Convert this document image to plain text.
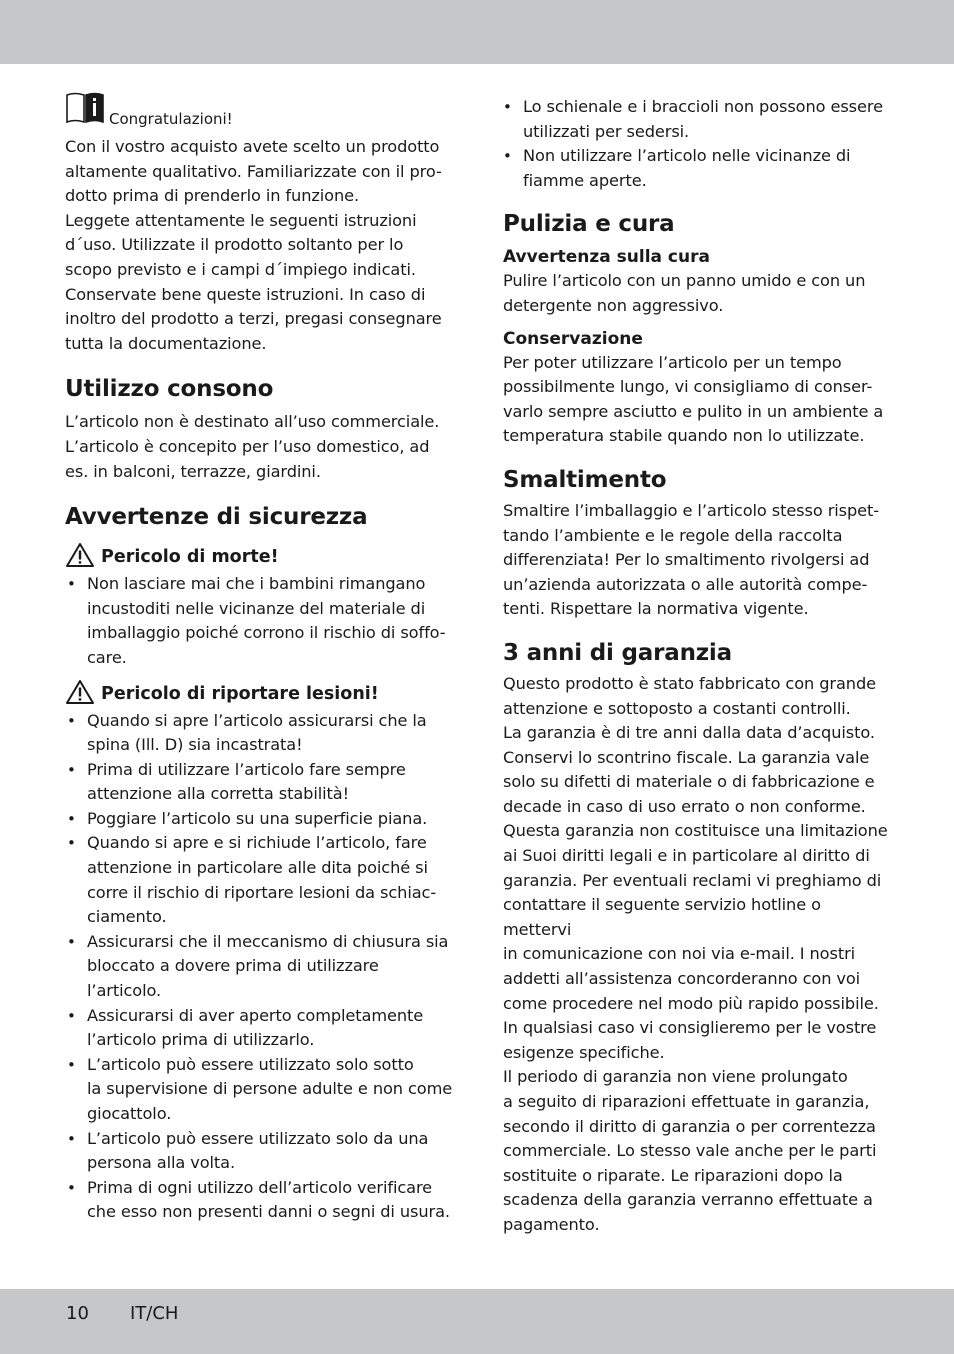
Congratulazioni!

Con il vostro acquisto avete scelto un prodotto

altamente qualitativo. Familiarizzate con il pro-

dotto prima di prenderlo in funzione.

Leggete attentamente le seguenti istruzioni

d´uso. Utilizzate il prodotto soltanto per lo

scopo previsto e i campi d´impiego indicati.

Conservate bene queste istruzioni. In caso di

inoltro del prodotto a terzi, pregasi consegnare

tutta la documentazione.

Utilizzo consono

L’articolo non è destinato all’uso commerciale.

L’articolo è concepito per l’uso domestico, ad

es. in balconi, terrazze, giardini.

Avvertenze di sicurezza
Pericolo di morte!
• Non lasciare mai che i bambini rimangano
incustoditi nelle vicinanze del materiale di
imballaggio poiché corrono il rischio di soffo-
care.
Pericolo di riportare lesioni!
• Quando si apre l’articolo assicurarsi che la
spina (Ill. D) sia incastrata!
• Prima di utilizzare l’articolo fare sempre
attenzione alla corretta stabilità!
• Poggiare l’articolo su una superficie piana.
• Quando si apre e si richiude l’articolo, fare
attenzione in particolare alle dita poiché si
corre il rischio di riportare lesioni da schiac-
ciamento.
• Assicurarsi che il meccanismo di chiusura sia
bloccato a dovere prima di utilizzare
l’articolo.
• Assicurarsi di aver aperto completamente
l’articolo prima di utilizzarlo.
• L’articolo può essere utilizzato solo sotto
la supervisione di persone adulte e non come
giocattolo.
• L’articolo può essere utilizzato solo da una
persona alla volta.
• Prima di ogni utilizzo dell’articolo verificare
che esso non presenti danni o segni di usura.
• Lo schienale e i braccioli non possono essere
utilizzati per sedersi.
• Non utilizzare l’articolo nelle vicinanze di
fiamme aperte.
Pulizia e cura
Avvertenza sulla cura

Pulire l’articolo con un panno umido e con un

detergente non aggressivo.

Conservazione

Per poter utilizzare l’articolo per un tempo

possibilmente lungo, vi consigliamo di conser-

varlo sempre asciutto e pulito in un ambiente a

temperatura stabile quando non lo utilizzate.

Smaltimento

Smaltire l’imballaggio e l’articolo stesso rispet-

tando l’ambiente e le regole della raccolta

differenziata! Per lo smaltimento rivolgersi ad

un’azienda autorizzata o alle autorità compe-

tenti. Rispettare la normativa vigente.

3 anni di garanzia

Questo prodotto è stato fabbricato con grande

attenzione e sottoposto a costanti controlli.

La garanzia è di tre anni dalla data d’acquisto.

Conservi lo scontrino fiscale. La garanzia vale

solo su difetti di materiale o di fabbricazione e

decade in caso di uso errato o non conforme.

Questa garanzia non costituisce una limitazione

ai Suoi diritti legali e in particolare al diritto di

garanzia. Per eventuali reclami vi preghiamo di

contattare il seguente servizio hotline o mettervi

in comunicazione con noi via e-mail. I nostri

addetti all’assistenza concorderanno con voi

come procedere nel modo più rapido possibile.

In qualsiasi caso vi consiglieremo per le vostre

esigenze specifiche.

Il periodo di garanzia non viene prolungato

a seguito di riparazioni effettuate in garanzia,

secondo il diritto di garanzia o per correntezza

commerciale. Lo stesso vale anche per le parti

sostituite o riparate. Le riparazioni dopo la

scadenza della garanzia verranno effettuate a

pagamento.

10 IT/CH
